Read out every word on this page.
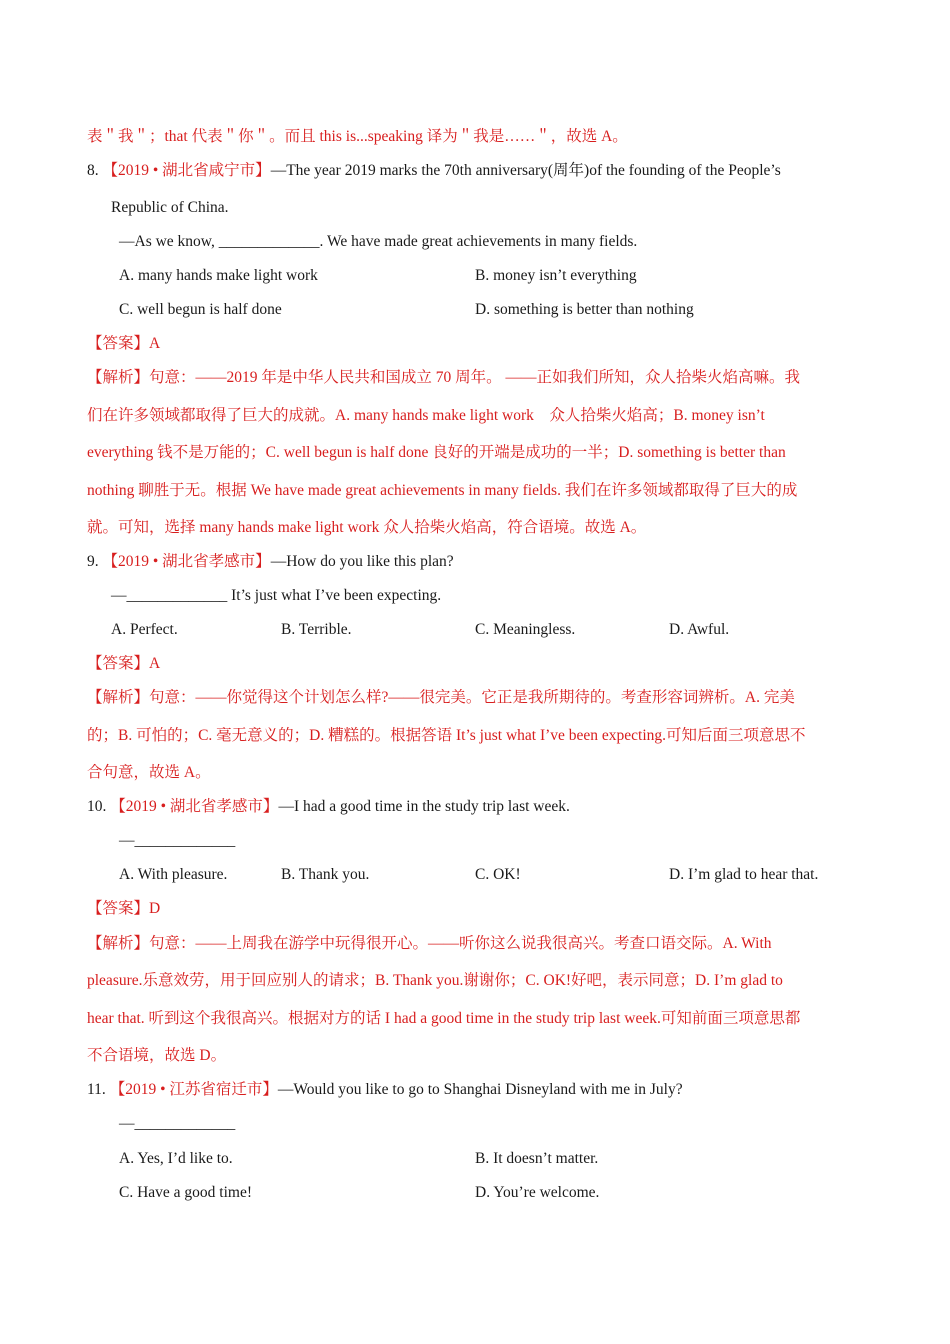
表＂我＂；that 代表＂你＂。而且 this is...speaking 译为＂我是……＂，故选 A。
8. 【2019 • 湖北省咸宁市】—The year 2019 marks the 70th anniversary(周年)of the founding of the People’s
Republic of China.
—As we know, _____________. We have made great achievements in many fields.
A. many hands make light work	B. money isn’t everything
C. well begun is half done	D. something is better than nothing
【答案】A
【解析】句意：——2019 年是中华人民共和国成立 70 周年。 ——正如我们所知，众人拾柴火焰高嘛。我
们在许多领域都取得了巨大的成就。A. many hands make light work　众人拾柴火焰高；B. money isn’t
everything 钱不是万能的；C. well begun is half done 良好的开端是成功的一半；D. something is better than
nothing 聊胜于无。根据 We have made great achievements in many fields. 我们在许多领域都取得了巨大的成
就。可知，选择 many hands make light work 众人拾柴火焰高，符合语境。故选 A。
9. 【2019 • 湖北省孝感市】—How do you like this plan?
—_____________ It’s just what I’ve been expecting.
A. Perfect.	B. Terrible.	C. Meaningless.	D. Awful.
【答案】A
【解析】句意：——你觉得这个计划怎么样?——很完美。它正是我所期待的。考查形容词辨析。A. 完美
的；B. 可怕的；C. 毫无意义的；D. 糟糕的。根据答语 It’s just what I’ve been expecting.可知后面三项意思不
合句意，故选 A。
10. 【2019 • 湖北省孝感市】—I had a good time in the study trip last week.
—_____________
A. With pleasure.	B. Thank you.	C. OK!	D. I’m glad to hear that.
【答案】D
【解析】句意：——上周我在游学中玩得很开心。——听你这么说我很高兴。考查口语交际。A. With
pleasure.乐意效劳，用于回应别人的请求；B. Thank you.谢谢你；C. OK!好吧，表示同意；D. I’m glad to
hear that. 听到这个我很高兴。根据对方的话 I had a good time in the study trip last week.可知前面三项意思都
不合语境，故选 D。
11. 【2019 • 江苏省宿迁市】—Would you like to go to Shanghai Disneyland with me in July?
—_____________
A. Yes, I’d like to.	B. It doesn’t matter.
C. Have a good time!	D. You’re welcome.
